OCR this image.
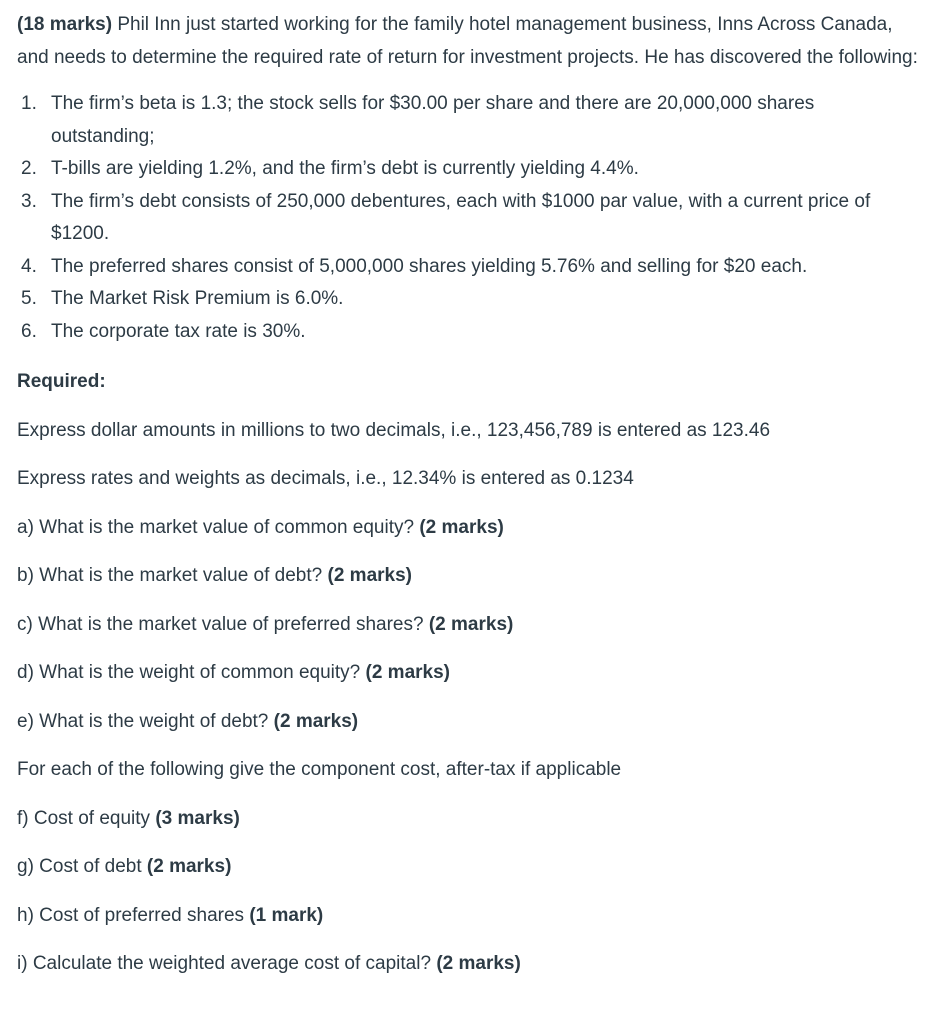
(18 marks) Phil Inn just started working for the family hotel management business, Inns Across Canada, and needs to determine the required rate of return for investment projects. He has discovered the following:

1. The firm’s beta is 1.3; the stock sells for $30.00 per share and there are 20,000,000 shares outstanding;
2. T-bills are yielding 1.2%, and the firm’s debt is currently yielding 4.4%.
3. The firm’s debt consists of 250,000 debentures, each with $1000 par value, with a current price of $1200.
4. The preferred shares consist of 5,000,000 shares yielding 5.76% and selling for $20 each.
5. The Market Risk Premium is 6.0%.
6. The corporate tax rate is 30%.

Required:

Express dollar amounts in millions to two decimals, i.e., 123,456,789 is entered as 123.46

Express rates and weights as decimals, i.e., 12.34% is entered as 0.1234

a) What is the market value of common equity? (2 marks)

b) What is the market value of debt? (2 marks)

c) What is the market value of preferred shares? (2 marks)

d) What is the weight of common equity? (2 marks)

e) What is the weight of debt? (2 marks)

For each of the following give the component cost, after-tax if applicable

f) Cost of equity (3 marks)

g) Cost of debt (2 marks)

h) Cost of preferred shares (1 mark)

i) Calculate the weighted average cost of capital? (2 marks)
